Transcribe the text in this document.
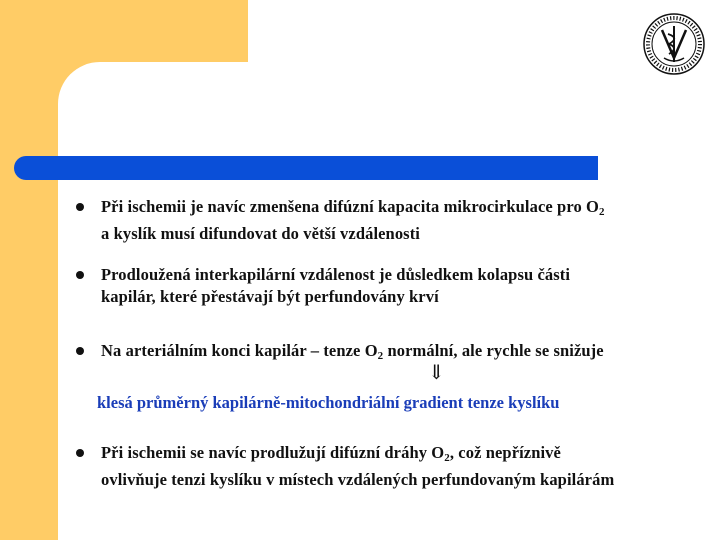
Při ischemii je navíc zmenšena difúzní kapacita mikrocirkulace pro $O_2$
a kyslík musí difundovat do větší vzdálenosti
Prodloužená interkapilární vzdálenost je důsledkem kolapsu části
kapilár, které přestávají být perfundovány krví
Na arteriálním konci kapilár – tenze $O_2$ normální, ale rychle se snižuje
⇓
klesá průměrný kapilárně-mitochondriální gradient tenze kyslíku
Při ischemii se navíc prodlužují difúzní dráhy $O_2$, což nepříznivě
ovlivňuje tenzi kyslíku v místech vzdálených perfundovaným kapilárám
